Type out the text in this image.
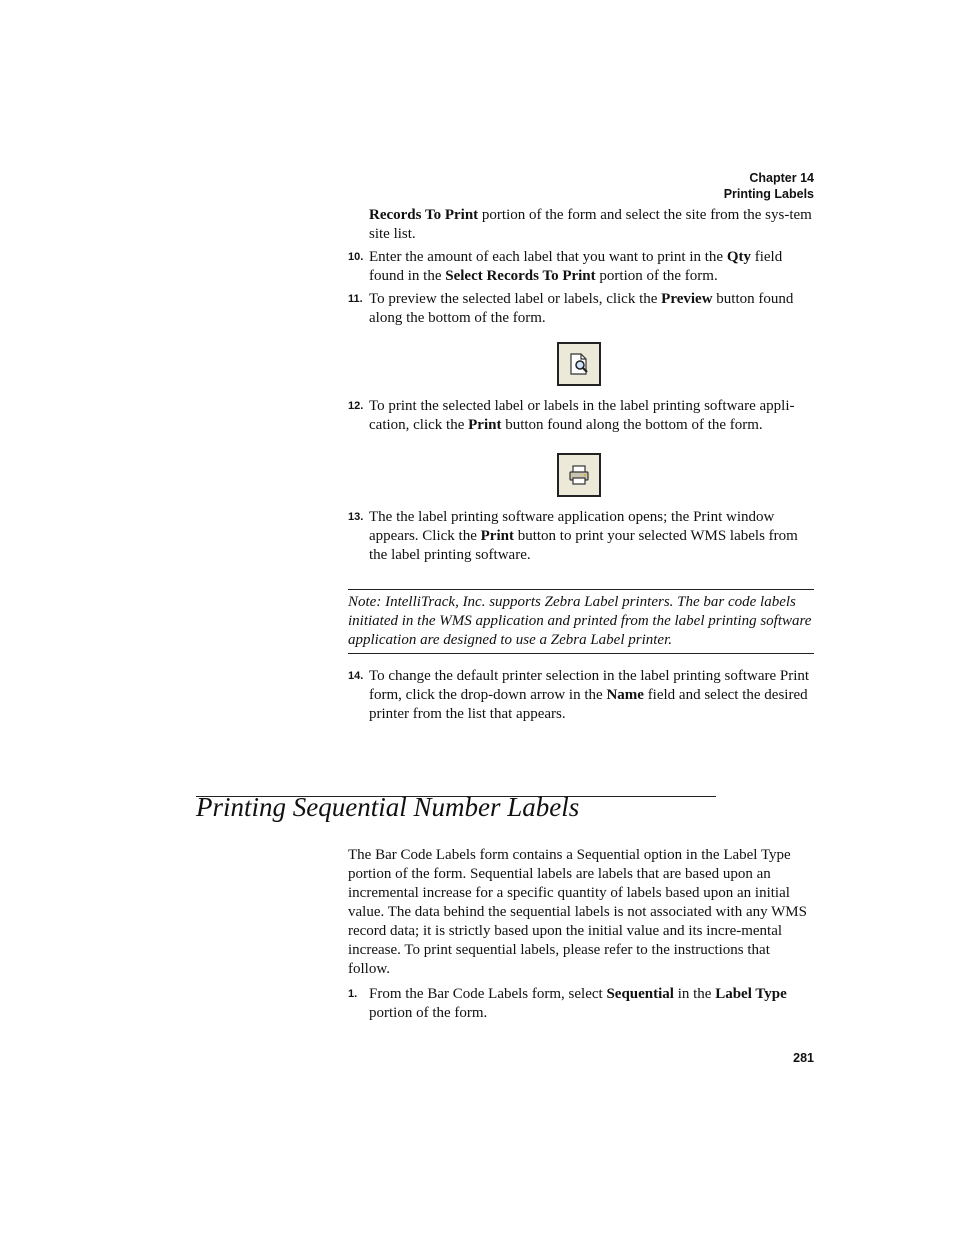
Chapter 14
Printing Labels
Records To Print portion of the form and select the site from the sys-tem site list.
10. Enter the amount of each label that you want to print in the Qty field found in the Select Records To Print portion of the form.
11. To preview the selected label or labels, click the Preview button found along the bottom of the form.
12. To print the selected label or labels in the label printing software appli-cation, click the Print button found along the bottom of the form.
13. The the label printing software application opens; the Print window appears. Click the Print button to print your selected WMS labels from the label printing software.
Note: IntelliTrack, Inc. supports Zebra Label printers. The bar code labels initiated in the WMS application and printed from the label printing software application are designed to use a Zebra Label printer.
14. To change the default printer selection in the label printing software Print form, click the drop-down arrow in the Name field and select the desired printer from the list that appears.
Printing Sequential Number Labels
The Bar Code Labels form contains a Sequential option in the Label Type portion of the form. Sequential labels are labels that are based upon an incremental increase for a specific quantity of labels based upon an initial value. The data behind the sequential labels is not associated with any WMS record data; it is strictly based upon the initial value and its incre-mental increase. To print sequential labels, please refer to the instructions that follow.
1. From the Bar Code Labels form, select Sequential in the Label Type portion of the form.
281
